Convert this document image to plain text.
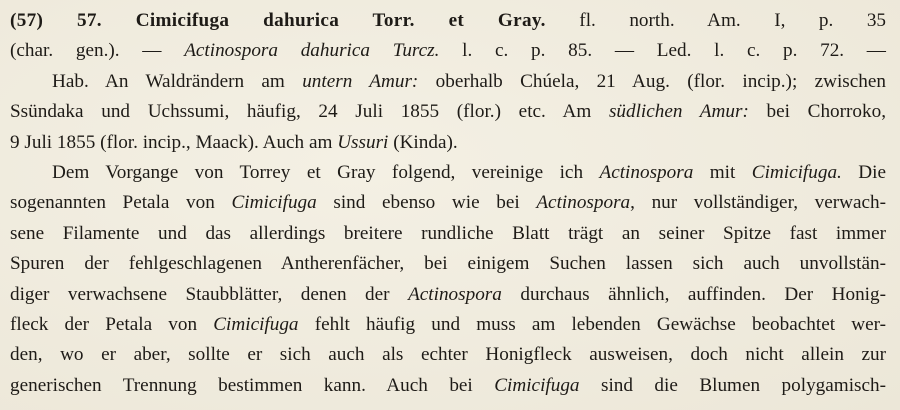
(57) 57. Cimicifuga dahurica Torr. et Gray. fl. north. Am. I, p. 35
(char. gen.). — Actinospora dahurica Turcz. l. c. p. 85. — Led. l. c. p. 72. —
Hab. An Waldrändern am untern Amur: oberhalb Chúela, 21 Aug. (flor. incip.); zwischen
Ssündaka und Uchssumi, häufig, 24 Juli 1855 (flor.) etc. Am südlichen Amur: bei Chorroko,
9 Juli 1855 (flor. incip., Maack). Auch am Ussuri (Kinda).
Dem Vorgange von Torrey et Gray folgend, vereinige ich Actinospora mit Cimicifuga. Die
sogenannten Petala von Cimicifuga sind ebenso wie bei Actinospora, nur vollständiger, verwach-
sene Filamente und das allerdings breitere rundliche Blatt trägt an seiner Spitze fast immer
Spuren der fehlgeschlagenen Antherenfächer, bei einigem Suchen lassen sich auch unvollstän-
diger verwachsene Staubblätter, denen der Actinospora durchaus ähnlich, auffinden. Der Honig-
fleck der Petala von Cimicifuga fehlt häufig und muss am lebenden Gewächse beobachtet wer-
den, wo er aber, sollte er sich auch als echter Honigfleck ausweisen, doch nicht allein zur
generischen Trennung bestimmen kann. Auch bei Cimicifuga sind die Blumen polygamisch-
